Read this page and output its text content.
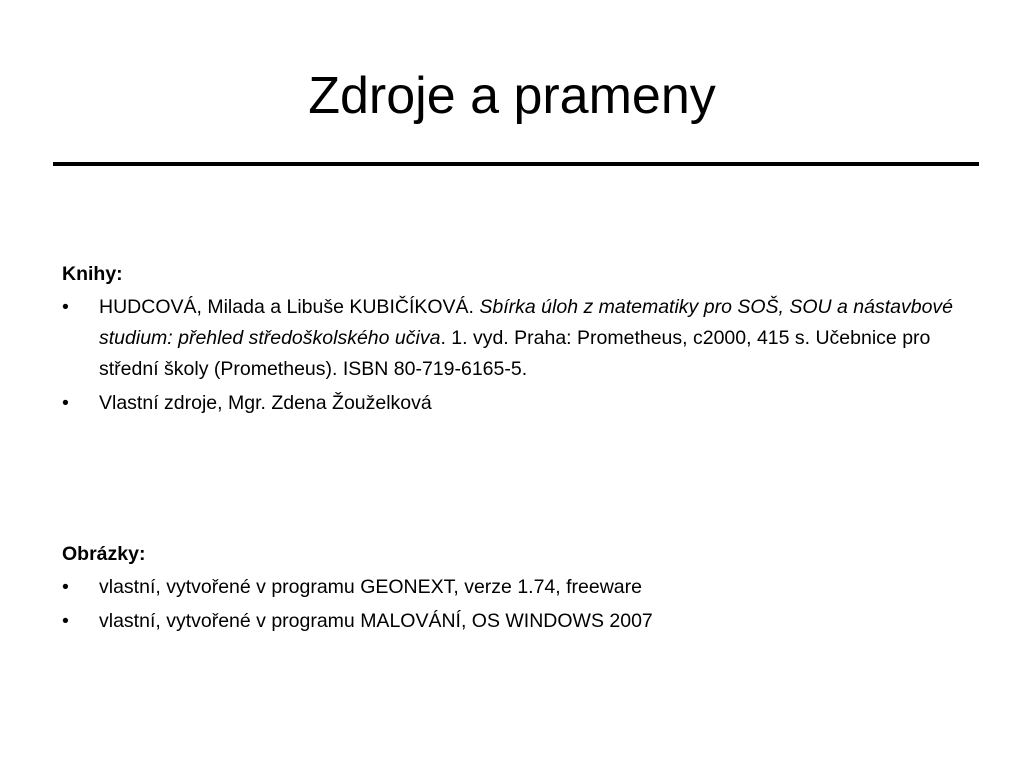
Zdroje a prameny

Knihy:

•	HUDCOVÁ, Milada a Libuše KUBIČÍKOVÁ. Sbírka úloh z matematiky pro SOŠ, SOU a nástavbové studium: přehled středoškolského učiva. 1. vyd. Praha: Prometheus, c2000, 415 s. Učebnice pro střední školy (Prometheus). ISBN 80-719-6165-5.
•	Vlastní zdroje, Mgr. Zdena Žouželková

Obrázky:

•	vlastní, vytvořené v programu GEONEXT, verze 1.74, freeware
•	vlastní, vytvořené v programu MALOVÁNÍ, OS WINDOWS 2007
